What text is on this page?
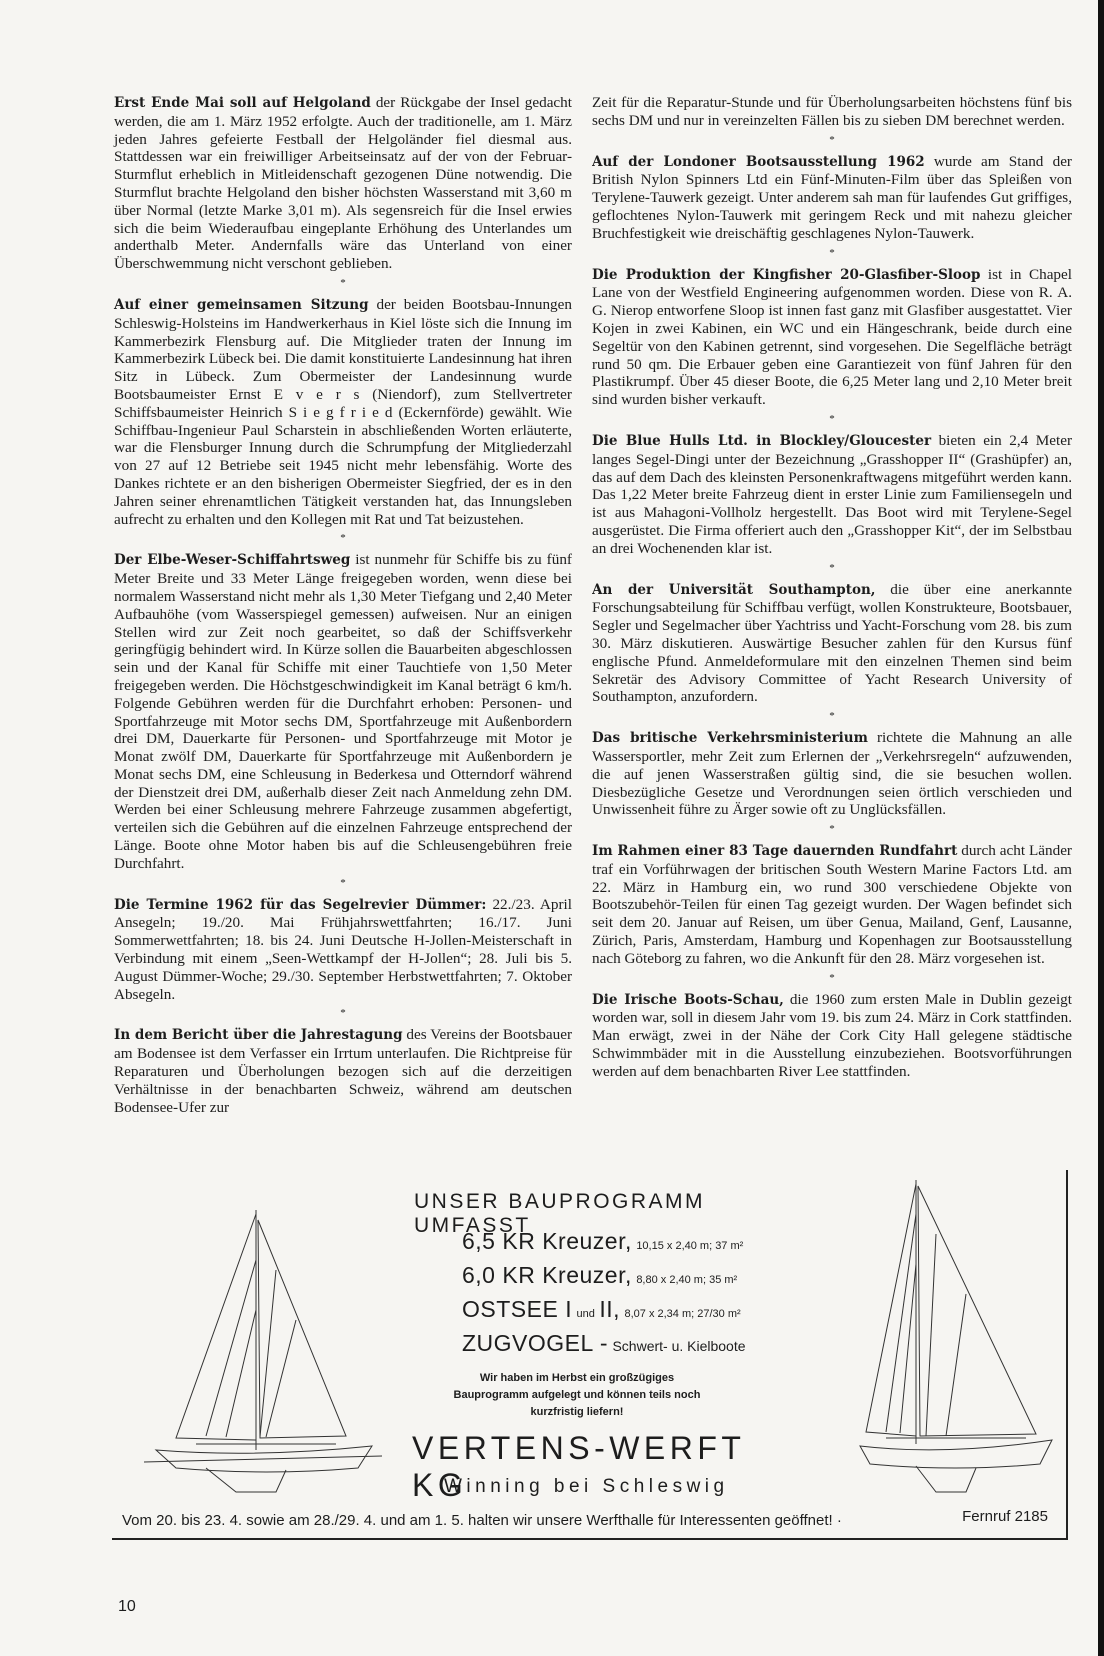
Erst Ende Mai soll auf Helgoland der Rückgabe der Insel gedacht werden, die am 1. März 1952 erfolgte. Auch der traditionelle, am 1. März jeden Jahres gefeierte Festball der Helgoländer fiel diesmal aus. Stattdessen war ein freiwilliger Arbeitseinsatz auf der von der Februar-Sturmflut erheblich in Mitleidenschaft gezogenen Düne notwendig. Die Sturmflut brachte Helgoland den bisher höchsten Wasserstand mit 3,60 m über Normal (letzte Marke 3,01 m). Als segensreich für die Insel erwies sich die beim Wiederaufbau eingeplante Erhöhung des Unterlandes um anderthalb Meter. Andernfalls wäre das Unterland von einer Überschwemmung nicht verschont geblieben.

*

Auf einer gemeinsamen Sitzung der beiden Bootsbau-Innungen Schleswig-Holsteins im Handwerkerhaus in Kiel löste sich die Innung im Kammerbezirk Flensburg auf. Die Mitglieder traten der Innung im Kammerbezirk Lübeck bei. Die damit konstituierte Landesinnung hat ihren Sitz in Lübeck. Zum Obermeister der Landesinnung wurde Bootsbaumeister Ernst E v e r s (Niendorf), zum Stellvertreter Schiffsbaumeister Heinrich S i e g f r i e d (Eckernförde) gewählt. Wie Schiffbau-Ingenieur Paul Scharstein in abschließenden Worten erläuterte, war die Flensburger Innung durch die Schrumpfung der Mitgliederzahl von 27 auf 12 Betriebe seit 1945 nicht mehr lebensfähig. Worte des Dankes richtete er an den bisherigen Obermeister Siegfried, der es in den Jahren seiner ehrenamtlichen Tätigkeit verstanden hat, das Innungsleben aufrecht zu erhalten und den Kollegen mit Rat und Tat beizustehen.

*

Der Elbe-Weser-Schiffahrtsweg ist nunmehr für Schiffe bis zu fünf Meter Breite und 33 Meter Länge freigegeben worden, wenn diese bei normalem Wasserstand nicht mehr als 1,30 Meter Tiefgang und 2,40 Meter Aufbauhöhe (vom Wasserspiegel gemessen) aufweisen. Nur an einigen Stellen wird zur Zeit noch gearbeitet, so daß der Schiffsverkehr geringfügig behindert wird. In Kürze sollen die Bauarbeiten abgeschlossen sein und der Kanal für Schiffe mit einer Tauchtiefe von 1,50 Meter freigegeben werden. Die Höchstgeschwindigkeit im Kanal beträgt 6 km/h. Folgende Gebühren werden für die Durchfahrt erhoben: Personen- und Sportfahrzeuge mit Motor sechs DM, Sportfahrzeuge mit Außenbordern drei DM, Dauerkarte für Personen- und Sportfahrzeuge mit Motor je Monat zwölf DM, Dauerkarte für Sportfahrzeuge mit Außenbordern je Monat sechs DM, eine Schleusung in Bederkesa und Otterndorf während der Dienstzeit drei DM, außerhalb dieser Zeit nach Anmeldung zehn DM. Werden bei einer Schleusung mehrere Fahrzeuge zusammen abgefertigt, verteilen sich die Gebühren auf die einzelnen Fahrzeuge entsprechend der Länge. Boote ohne Motor haben bis auf die Schleusengebühren freie Durchfahrt.

*

Die Termine 1962 für das Segelrevier Dümmer: 22./23. April Ansegeln; 19./20. Mai Frühjahrswettfahrten; 16./17. Juni Sommerwettfahrten; 18. bis 24. Juni Deutsche H-Jollen-Meisterschaft in Verbindung mit einem „Seen-Wettkampf der H-Jollen“; 28. Juli bis 5. August Dümmer-Woche; 29./30. September Herbstwettfahrten; 7. Oktober Absegeln.

*

In dem Bericht über die Jahrestagung des Vereins der Bootsbauer am Bodensee ist dem Verfasser ein Irrtum unterlaufen. Die Richtpreise für Reparaturen und Überholungen bezogen sich auf die derzeitigen Verhältnisse in der benachbarten Schweiz, während am deutschen Bodensee-Ufer zur

Zeit für die Reparatur-Stunde und für Überholungsarbeiten höchstens fünf bis sechs DM und nur in vereinzelten Fällen bis zu sieben DM berechnet werden.

*

Auf der Londoner Bootsausstellung 1962 wurde am Stand der British Nylon Spinners Ltd ein Fünf-Minuten-Film über das Spleißen von Terylene-Tauwerk gezeigt. Unter anderem sah man für laufendes Gut griffiges, geflochtenes Nylon-Tauwerk mit geringem Reck und mit nahezu gleicher Bruchfestigkeit wie dreischäftig geschlagenes Nylon-Tauwerk.

*

Die Produktion der Kingfisher 20-Glasfiber-Sloop ist in Chapel Lane von der Westfield Engineering aufgenommen worden. Diese von R. A. G. Nierop entworfene Sloop ist innen fast ganz mit Glasfiber ausgestattet. Vier Kojen in zwei Kabinen, ein WC und ein Hängeschrank, beide durch eine Segeltür von den Kabinen getrennt, sind vorgesehen. Die Segelfläche beträgt rund 50 qm. Die Erbauer geben eine Garantiezeit von fünf Jahren für den Plastikrumpf. Über 45 dieser Boote, die 6,25 Meter lang und 2,10 Meter breit sind wurden bisher verkauft.

*

Die Blue Hulls Ltd. in Blockley/Gloucester bieten ein 2,4 Meter langes Segel-Dingi unter der Bezeichnung „Grasshopper II“ (Grashüpfer) an, das auf dem Dach des kleinsten Personenkraftwagens mitgeführt werden kann. Das 1,22 Meter breite Fahrzeug dient in erster Linie zum Familiensegeln und ist aus Mahagoni-Vollholz hergestellt. Das Boot wird mit Terylene-Segel ausgerüstet. Die Firma offeriert auch den „Grasshopper Kit“, der im Selbstbau an drei Wochenenden klar ist.

*

An der Universität Southampton, die über eine anerkannte Forschungsabteilung für Schiffbau verfügt, wollen Konstrukteure, Bootsbauer, Segler und Segelmacher über Yachtriss und Yacht-Forschung vom 28. bis zum 30. März diskutieren. Auswärtige Besucher zahlen für den Kursus fünf englische Pfund. Anmeldeformulare mit den einzelnen Themen sind beim Sekretär des Advisory Committee of Yacht Research University of Southampton, anzufordern.

*

Das britische Verkehrsministerium richtete die Mahnung an alle Wassersportler, mehr Zeit zum Erlernen der „Verkehrsregeln“ aufzuwenden, die auf jenen Wasserstraßen gültig sind, die sie besuchen wollen. Diesbezügliche Gesetze und Verordnungen seien örtlich verschieden und Unwissenheit führe zu Ärger sowie oft zu Unglücksfällen.

*

Im Rahmen einer 83 Tage dauernden Rundfahrt durch acht Länder traf ein Vorführwagen der britischen South Western Marine Factors Ltd. am 22. März in Hamburg ein, wo rund 300 verschiedene Objekte von Bootszubehör-Teilen für einen Tag gezeigt wurden. Der Wagen befindet sich seit dem 20. Januar auf Reisen, um über Genua, Mailand, Genf, Lausanne, Zürich, Paris, Amsterdam, Hamburg und Kopenhagen zur Bootsausstellung nach Göteborg zu fahren, wo die Ankunft für den 28. März vorgesehen ist.

*

Die Irische Boots-Schau, die 1960 zum ersten Male in Dublin gezeigt worden war, soll in diesem Jahr vom 19. bis zum 24. März in Cork stattfinden. Man erwägt, zwei in der Nähe der Cork City Hall gelegene städtische Schwimmbäder mit in die Ausstellung einzubeziehen. Bootsvorführungen werden auf dem benachbarten River Lee stattfinden.

UNSER BAUPROGRAMM UMFASST
6,5 KR Kreuzer, 10,15 x 2,40 m; 37 m²
6,0 KR Kreuzer, 8,80 x 2,40 m; 35 m²
OSTSEE I und II, 8,07 x 2,34 m; 27/30 m²
ZUGVOGEL - Schwert- u. Kielboote
Wir haben im Herbst ein großzügiges Bauprogramm aufgelegt und können teils noch kurzfristig liefern!
VERTENS-WERFT KG
Winning bei Schleswig
Vom 20. bis 23. 4. sowie am 28./29. 4. und am 1. 5. halten wir unsere Werfthalle für Interessenten geöffnet! ·	Fernruf 2185
10
